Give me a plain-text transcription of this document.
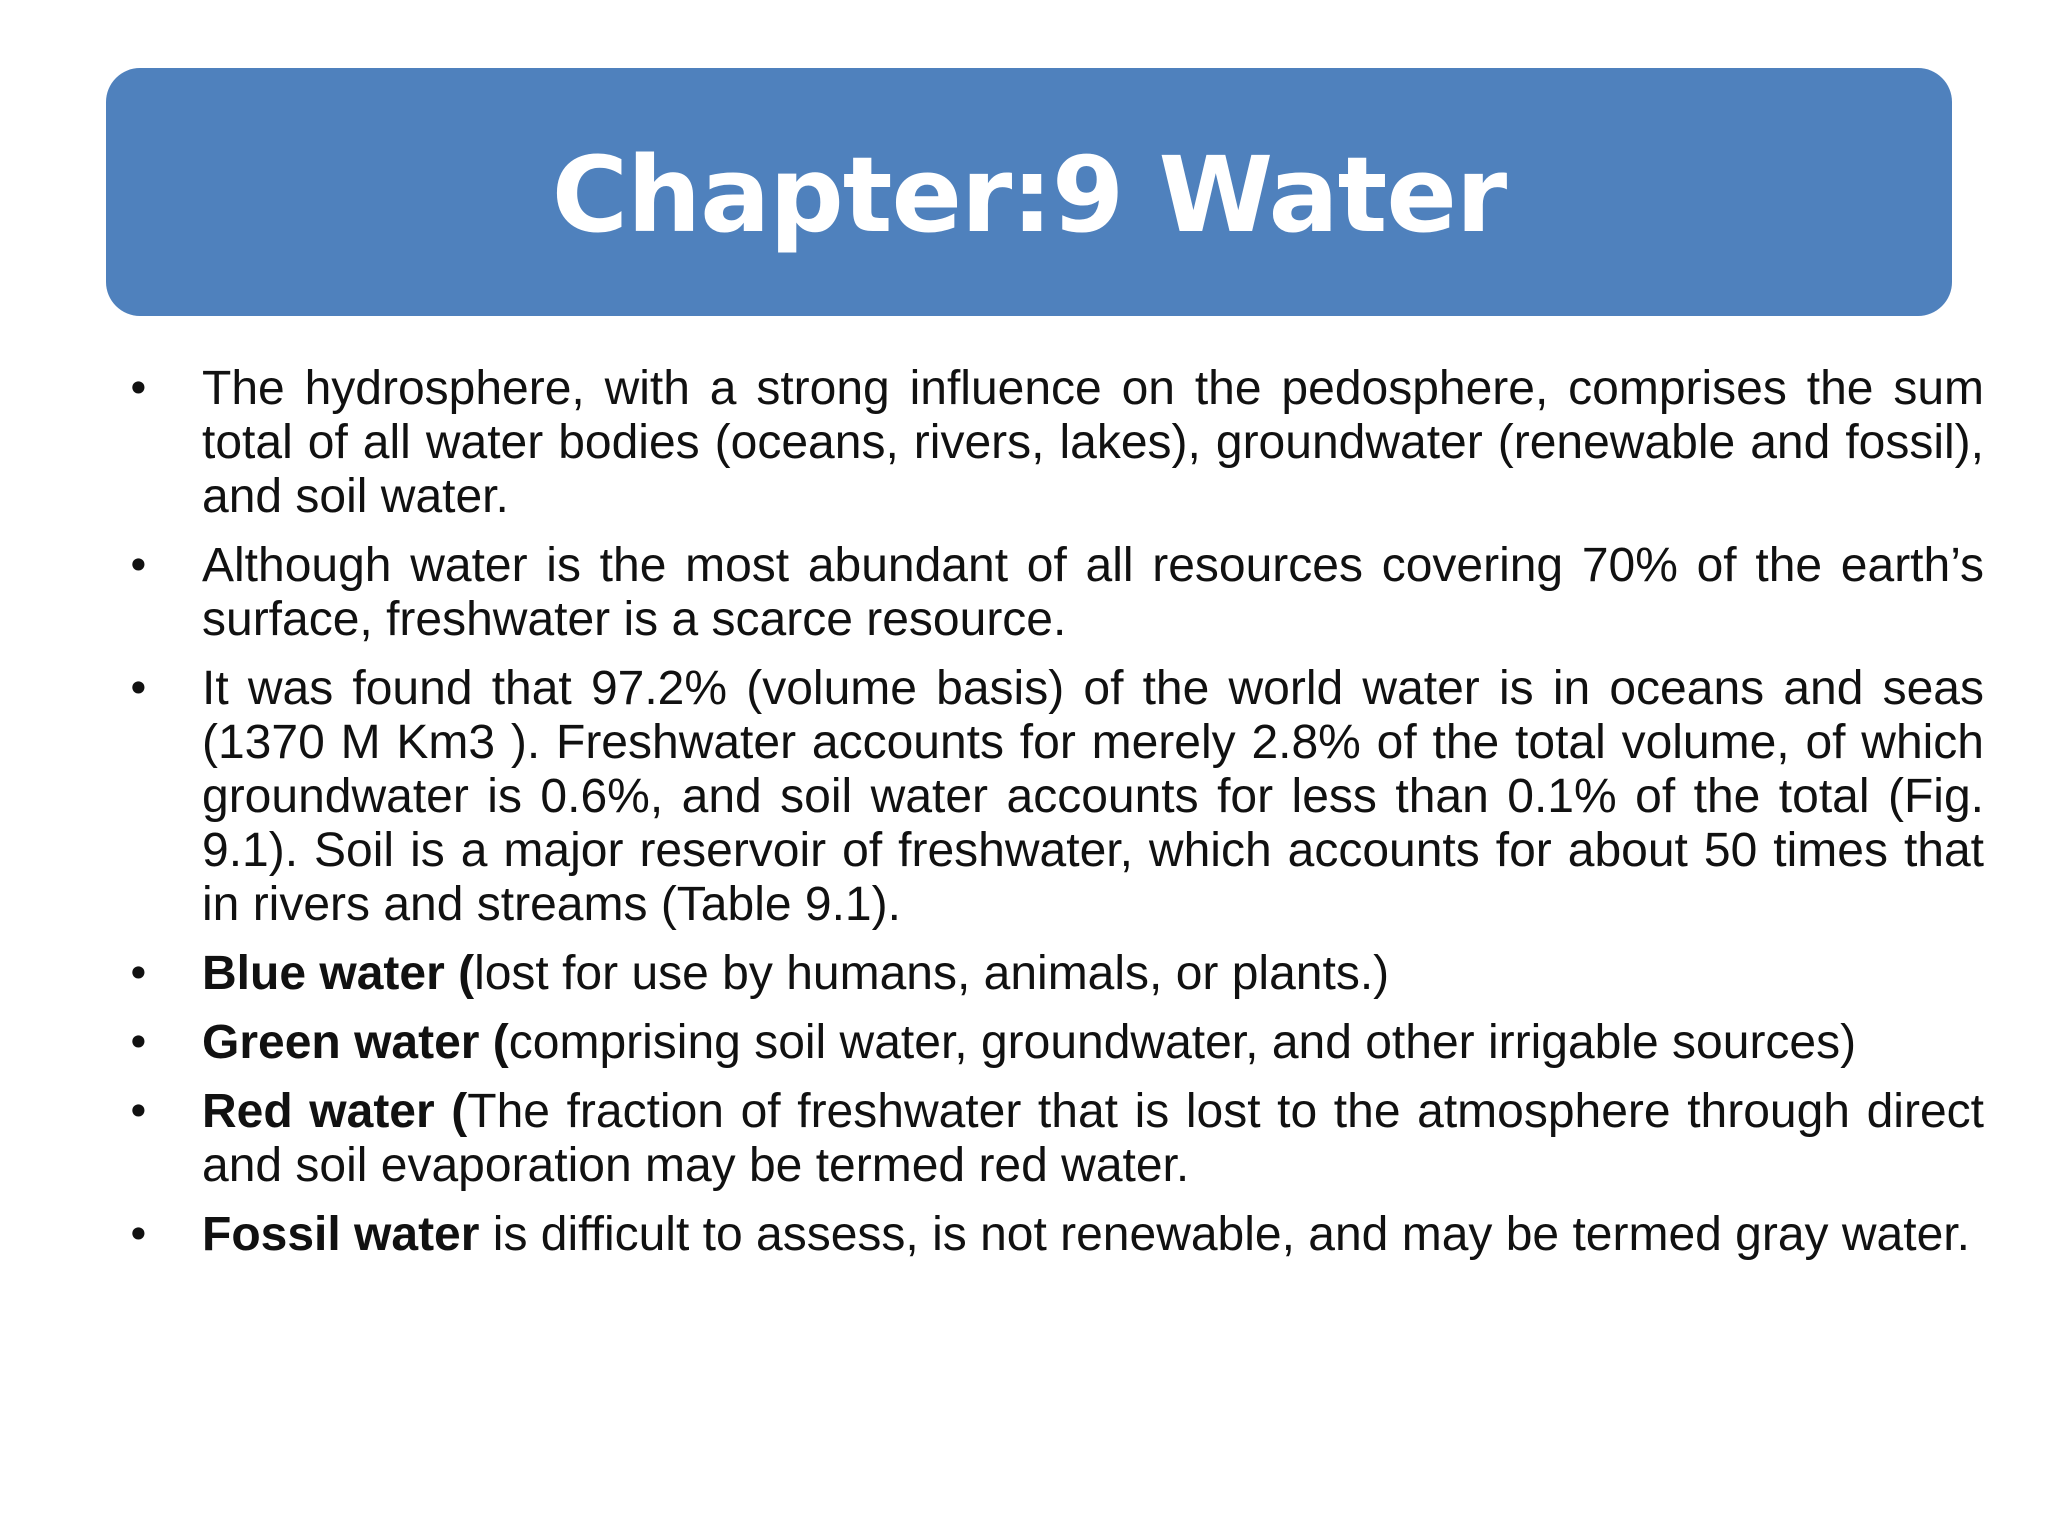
Chapter:9 Water
• The hydrosphere, with a strong influence on the pedosphere, comprises the sum total of all water bodies (oceans, rivers, lakes), groundwater (renewable and fossil), and soil water.
• Although water is the most abundant of all resources covering 70% of the earth’s surface, freshwater is a scarce resource.
• It was found that 97.2% (volume basis) of the world water is in oceans and seas (1370 M Km3 ). Freshwater accounts for merely 2.8% of the total volume, of which groundwater is 0.6%, and soil water accounts for less than 0.1% of the total (Fig. 9.1). Soil is a major reservoir of freshwater, which accounts for about 50 times that in rivers and streams (Table 9.1).
• Blue water (lost for use by humans, animals, or plants.)
• Green water (comprising soil water, groundwater, and other irrigable sources)
• Red water (The fraction of freshwater that is lost to the atmosphere through direct and soil evaporation may be termed red water.
• Fossil water is difficult to assess, is not renewable, and may be termed gray water.
